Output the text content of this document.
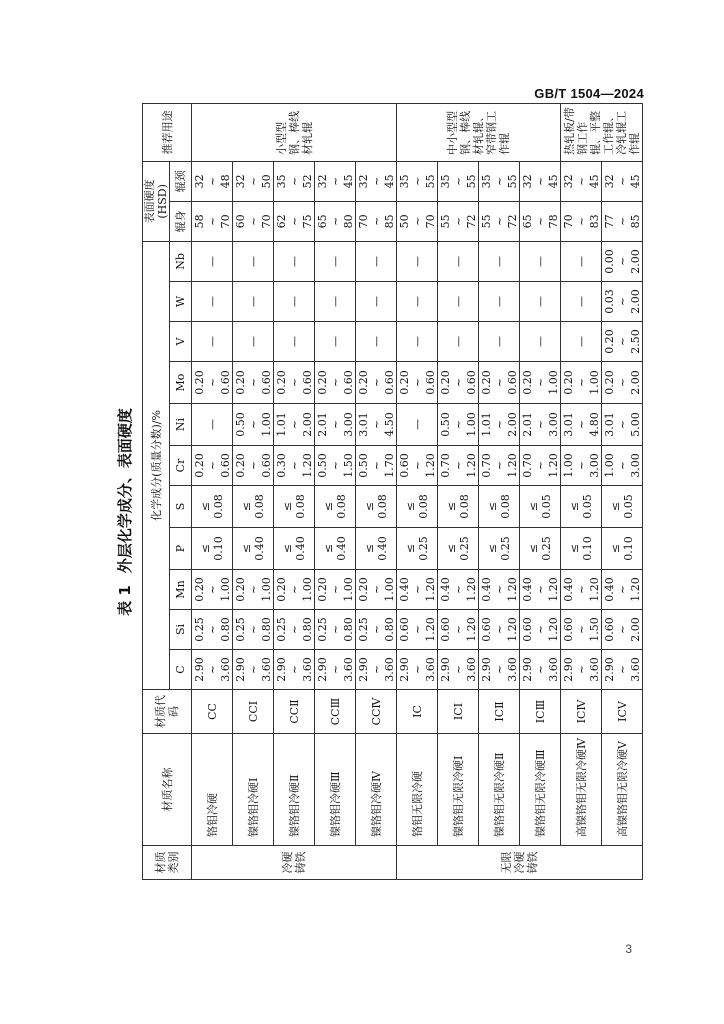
GB/T 1504—2024
表 1外层化学成分、表面硬度
材质类别	材质名称	材质代码	化学成分(质量分数)/%											表面硬度(HSD)		推荐用途
			C	Si	Mn	P	S	Cr	Ni	Mo	V	W	Nb	辊身	辊颈	
冷硬铸铁	铬钼冷硬	CC	2.90 ~ 3.60	0.25 ~ 0.80	0.20 ~ 1.00	≤ 0.10	≤ 0.08	0.20 ~ 0.60	—	0.20 ~ 0.60	—	—	—	58 ~ 70	32 ~ 48	小型型钢、棒线材轧辊
	镍铬钼冷硬Ⅰ	CCⅠ	2.90 ~ 3.60	0.25 ~ 0.80	0.20 ~ 1.00	≤ 0.40	≤ 0.08	0.20 ~ 0.60	0.50 ~ 1.00	0.20 ~ 0.60	—	—	—	60 ~ 70	32 ~ 50	

	镍铬钼冷硬Ⅱ	CCⅡ	2.90 ~ 3.60	0.25 ~ 0.80	0.20 ~ 1.00	≤ 0.40	≤ 0.08	0.30 ~ 1.20	1.01 ~ 2.00	0.20 ~ 0.60	—	—	—	62 ~ 75	35 ~ 52	

	镍铬钼冷硬Ⅲ	CCⅢ	2.90 ~ 3.60	0.25 ~ 0.80	0.20 ~ 1.00	≤ 0.40	≤ 0.08	0.50 ~ 1.50	2.01 ~ 3.00	0.20 ~ 0.60	—	—	—	65 ~ 80	32 ~ 45	

	镍铬钼冷硬Ⅳ	CCⅣ	2.90 ~ 3.60	0.25 ~ 0.80	0.20 ~ 1.00	≤ 0.40	≤ 0.08	0.50 ~ 1.70	3.01 ~ 4.50	0.20 ~ 0.60	—	—	—	70 ~ 85	32 ~ 45	

无限冷硬铸铁	铬钼无限冷硬	IC	2.90 ~ 3.60	0.60 ~ 1.20	0.40 ~ 1.20	≤ 0.25	≤ 0.08	0.60 ~ 1.20	—	0.20 ~ 0.60	—	—	—	50 ~ 70	35 ~ 55	中小型型钢、棒线材轧辊、窄带钢工作辊
	镍铬钼无限冷硬Ⅰ	ICⅠ	2.90 ~ 3.60	0.60 ~ 1.20	0.40 ~ 1.20	≤ 0.25	≤ 0.08	0.70 ~ 1.20	0.50 ~ 1.00	0.20 ~ 0.60	—	—	—	55 ~ 72	35 ~ 55	

	镍铬钼无限冷硬Ⅱ	ICⅡ	2.90 ~ 3.60	0.60 ~ 1.20	0.40 ~ 1.20	≤ 0.25	≤ 0.08	0.70 ~ 1.20	1.01 ~ 2.00	0.20 ~ 0.60	—	—	—	55 ~ 72	35 ~ 55	

	镍铬钼无限冷硬Ⅲ	ICⅢ	2.90 ~ 3.60	0.60 ~ 1.20	0.40 ~ 1.20	≤ 0.25	≤ 0.05	0.70 ~ 1.20	2.01 ~ 3.00	0.20 ~ 1.00	—	—	—	65 ~ 78	32 ~ 45	

	高镍铬钼无限冷硬Ⅳ	ICⅣ	2.90 ~ 3.60	0.60 ~ 1.50	0.40 ~ 1.20	≤ 0.10	≤ 0.05	1.00 ~ 3.00	3.01 ~ 4.80	0.20 ~ 1.00	—	—	—	70 ~ 83	32 ~ 45	热轧板/带钢工作辊、平整工作辊、冷轧辊工作辊
	高镍铬钼无限冷硬Ⅴ	ICⅤ	2.90 ~ 3.60	0.60 ~ 2.00	0.40 ~ 1.20	≤ 0.10	≤ 0.05	1.00 ~ 3.00	3.01 ~ 5.00	0.20 ~ 2.00	0.20 ~ 2.50	0.03 ~ 2.00	0.00 ~ 2.00	77 ~ 85	32 ~ 45	
3
